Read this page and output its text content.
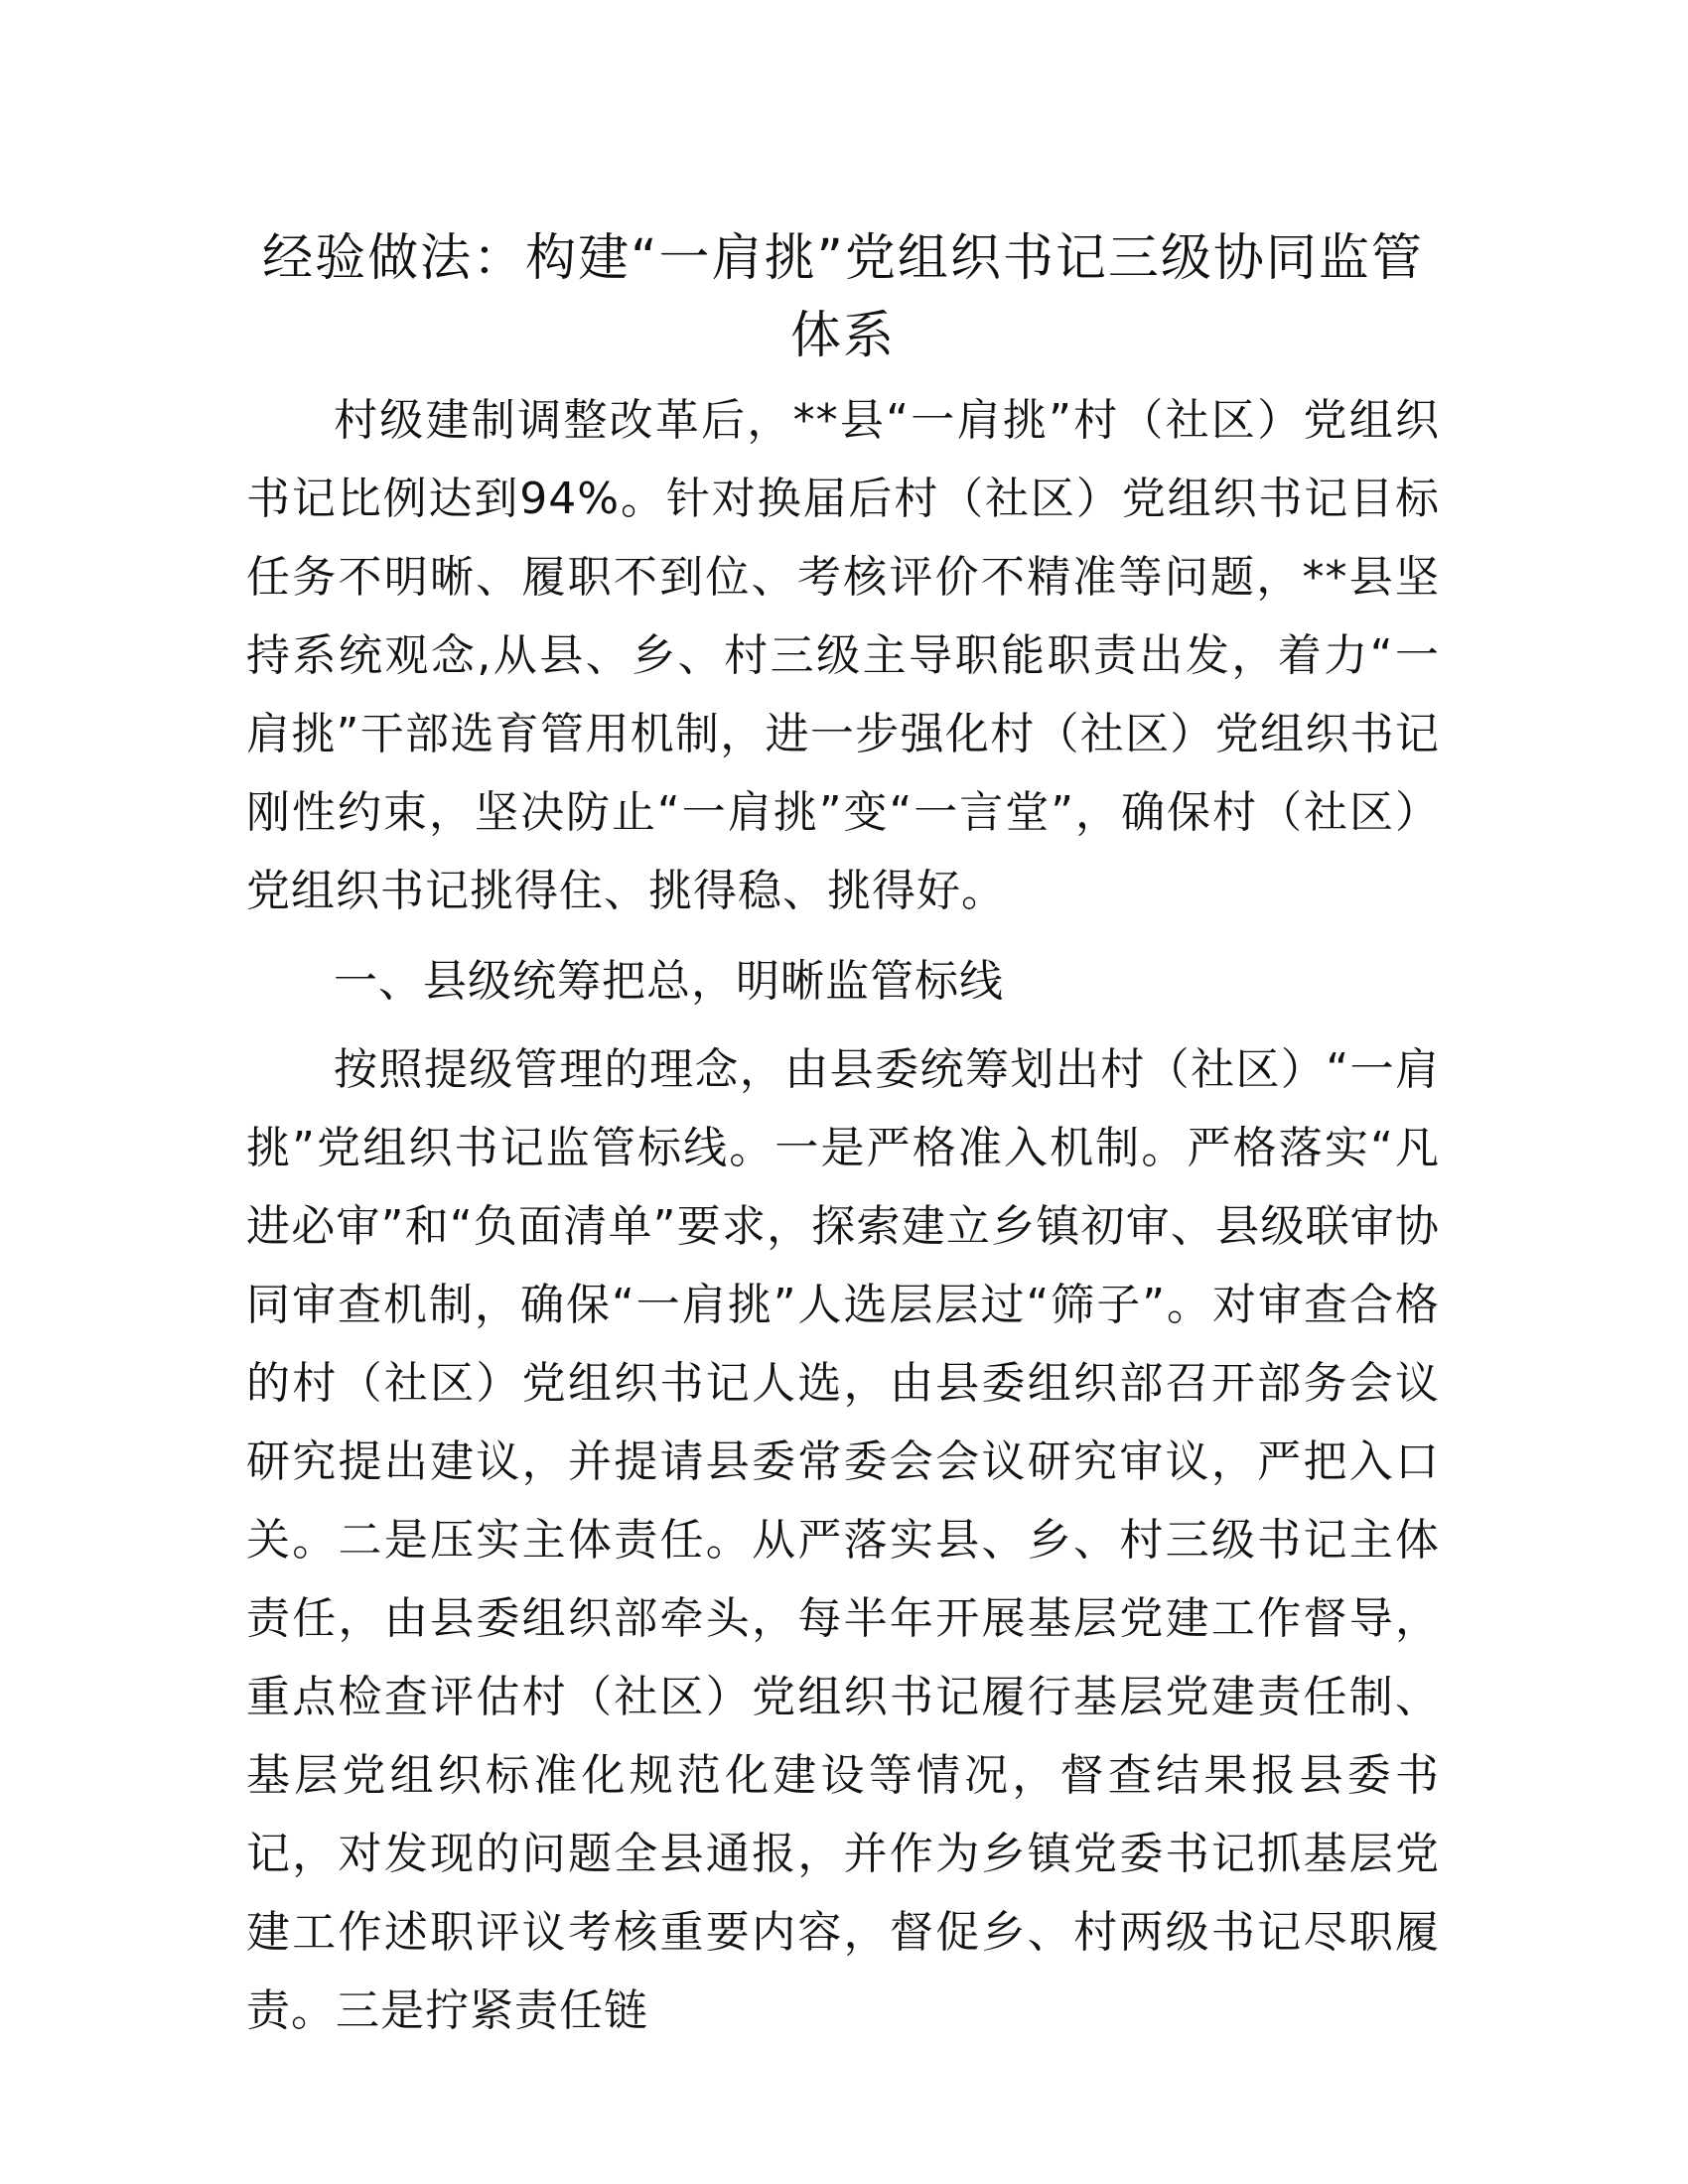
经验做法：构建“一肩挑”党组织书记三级协同监管体系

村级建制调整改革后，**县“一肩挑”村（社区）党组织书记比例达到94%。针对换届后村（社区）党组织书记目标任务不明晰、履职不到位、考核评价不精准等问题，**县坚持系统观念,从县、乡、村三级主导职能职责出发，着力“一肩挑”干部选育管用机制，进一步强化村（社区）党组织书记刚性约束，坚决防止“一肩挑”变“一言堂”，确保村（社区）党组织书记挑得住、挑得稳、挑得好。

一、县级统筹把总，明晰监管标线

按照提级管理的理念，由县委统筹划出村（社区）“一肩挑”党组织书记监管标线。一是严格准入机制。严格落实“凡进必审”和“负面清单”要求，探索建立乡镇初审、县级联审协同审查机制，确保“一肩挑”人选层层过“筛子”。对审查合格的村（社区）党组织书记人选，由县委组织部召开部务会议研究提出建议，并提请县委常委会会议研究审议，严把入口关。二是压实主体责任。从严落实县、乡、村三级书记主体责任，由县委组织部牵头，每半年开展基层党建工作督导，重点检查评估村（社区）党组织书记履行基层党建责任制、基层党组织标准化规范化建设等情况，督查结果报县委书记，对发现的问题全县通报，并作为乡镇党委书记抓基层党建工作述职评议考核重要内容，督促乡、村两级书记尽职履责。三是拧紧责任链
